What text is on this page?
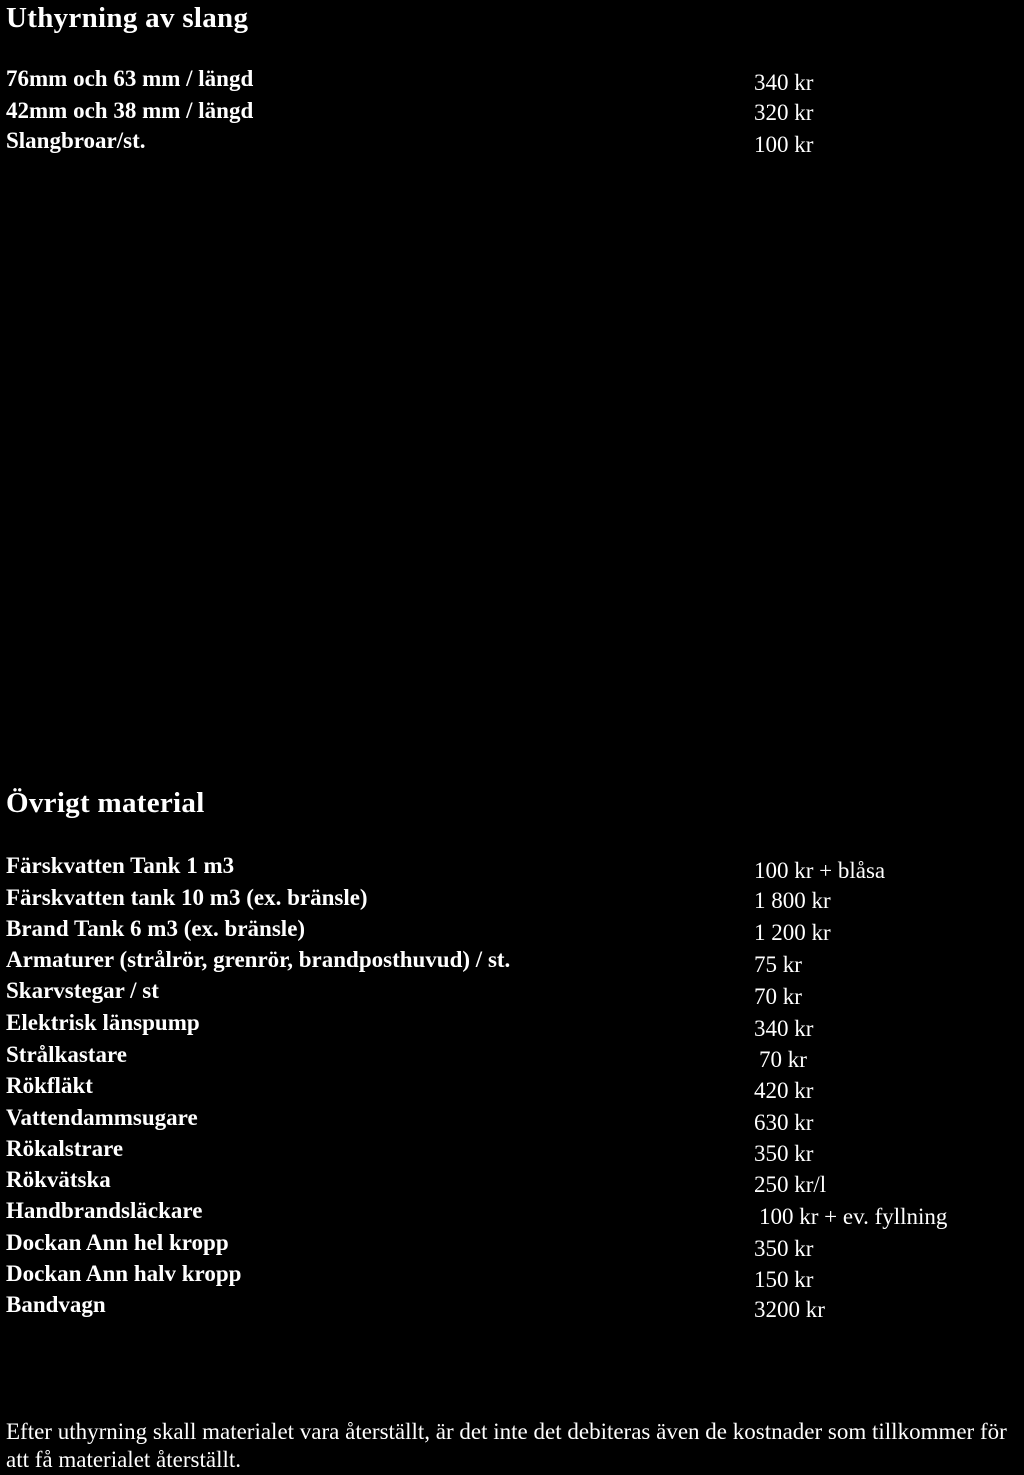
Uthyrning av slang
76mm och 63 mm / längd	340 kr
42mm och 38 mm / längd	320 kr
Slangbroar/st.	100 kr
Övrigt material
Färskvatten Tank 1 m3	100 kr + blåsa
Färskvatten tank 10 m3 (ex. bränsle)	1 800 kr
Brand Tank 6 m3 (ex. bränsle)	1 200 kr
Armaturer (strålrör, grenrör, brandposthuvud) / st.	75 kr
Skarvstegar / st	70 kr
Elektrisk länspump	340 kr
Strålkastare	70 kr
Rökfläkt	420 kr
Vattendammsugare	630 kr
Rökalstrare	350 kr
Rökvätska	250 kr/l
Handbrandsläckare	100 kr + ev. fyllning
Dockan Ann hel kropp	350 kr
Dockan Ann halv kropp	150 kr
Bandvagn	3200 kr
Efter uthyrning skall materialet vara återställt, är det inte det debiteras även de kostnader som tillkommer för att få materialet återställt.
